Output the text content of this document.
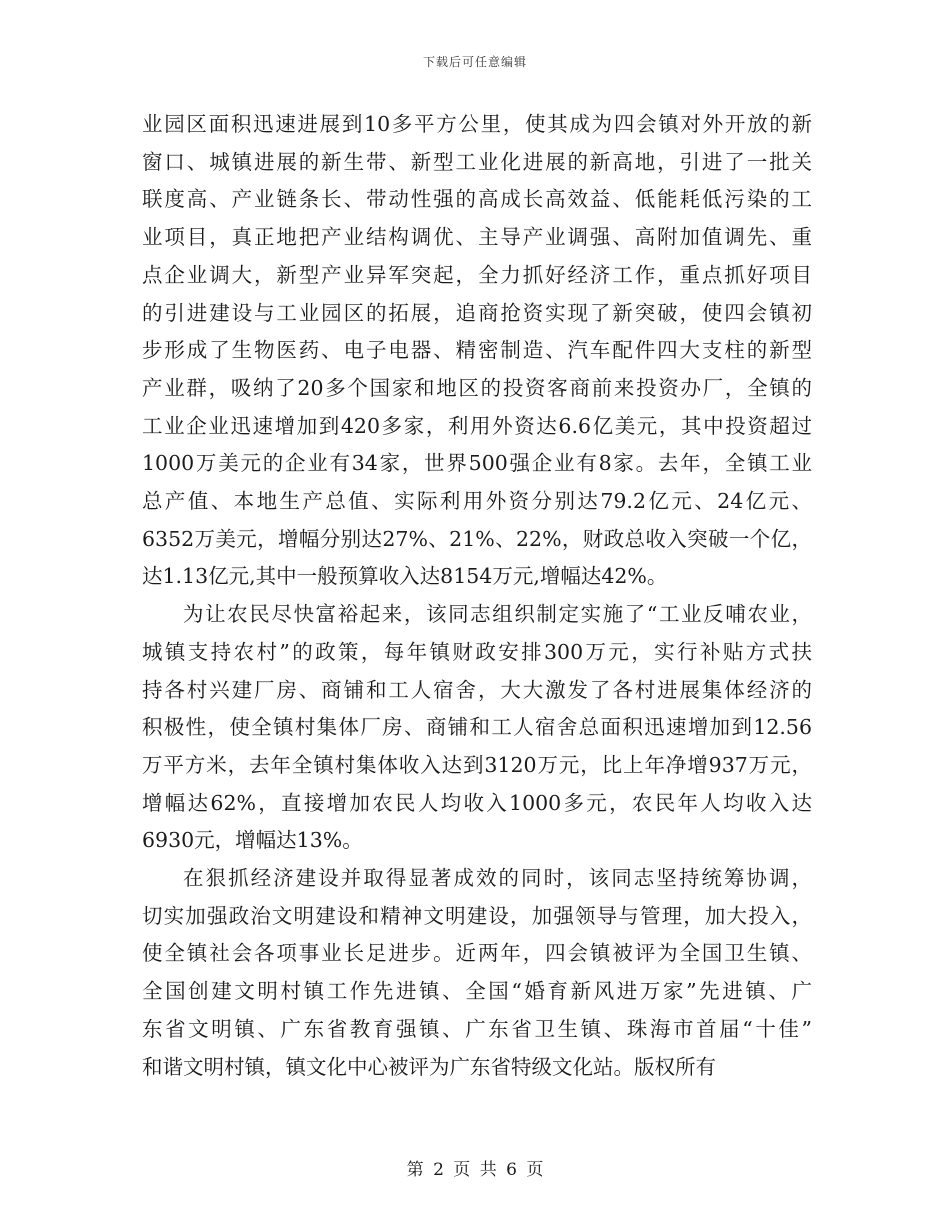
下载后可任意编辑
业园区面积迅速进展到10多平方公里，使其成为四会镇对外开放的新
窗口、城镇进展的新生带、新型工业化进展的新高地，引进了一批关
联度高、产业链条长、带动性强的高成长高效益、低能耗低污染的工
业项目，真正地把产业结构调优、主导产业调强、高附加值调先、重
点企业调大，新型产业异军突起，全力抓好经济工作，重点抓好项目
的引进建设与工业园区的拓展，追商抢资实现了新突破，使四会镇初
步形成了生物医药、电子电器、精密制造、汽车配件四大支柱的新型
产业群，吸纳了20多个国家和地区的投资客商前来投资办厂，全镇的
工业企业迅速增加到420多家，利用外资达6.6亿美元，其中投资超过
1000万美元的企业有34家，世界500强企业有8家。去年，全镇工业
总产值、本地生产总值、实际利用外资分别达79.2亿元、24亿元、
6352万美元，增幅分别达27%、21%、22%，财政总收入突破一个亿，
达1.13亿元,其中一般预算收入达8154万元,增幅达42%。
为让农民尽快富裕起来，该同志组织制定实施了“工业反哺农业，
城镇支持农村”的政策，每年镇财政安排300万元，实行补贴方式扶
持各村兴建厂房、商铺和工人宿舍，大大激发了各村进展集体经济的
积极性，使全镇村集体厂房、商铺和工人宿舍总面积迅速增加到12.56
万平方米，去年全镇村集体收入达到3120万元，比上年净增937万元，
增幅达62%，直接增加农民人均收入1000多元，农民年人均收入达
6930元，增幅达13%。
在狠抓经济建设并取得显著成效的同时，该同志坚持统筹协调，
切实加强政治文明建设和精神文明建设，加强领导与管理，加大投入，
使全镇社会各项事业长足进步。近两年，四会镇被评为全国卫生镇、
全国创建文明村镇工作先进镇、全国“婚育新风进万家”先进镇、广
东省文明镇、广东省教育强镇、广东省卫生镇、珠海市首届“十佳”
和谐文明村镇，镇文化中心被评为广东省特级文化站。版权所有
第 2 页 共 6 页
